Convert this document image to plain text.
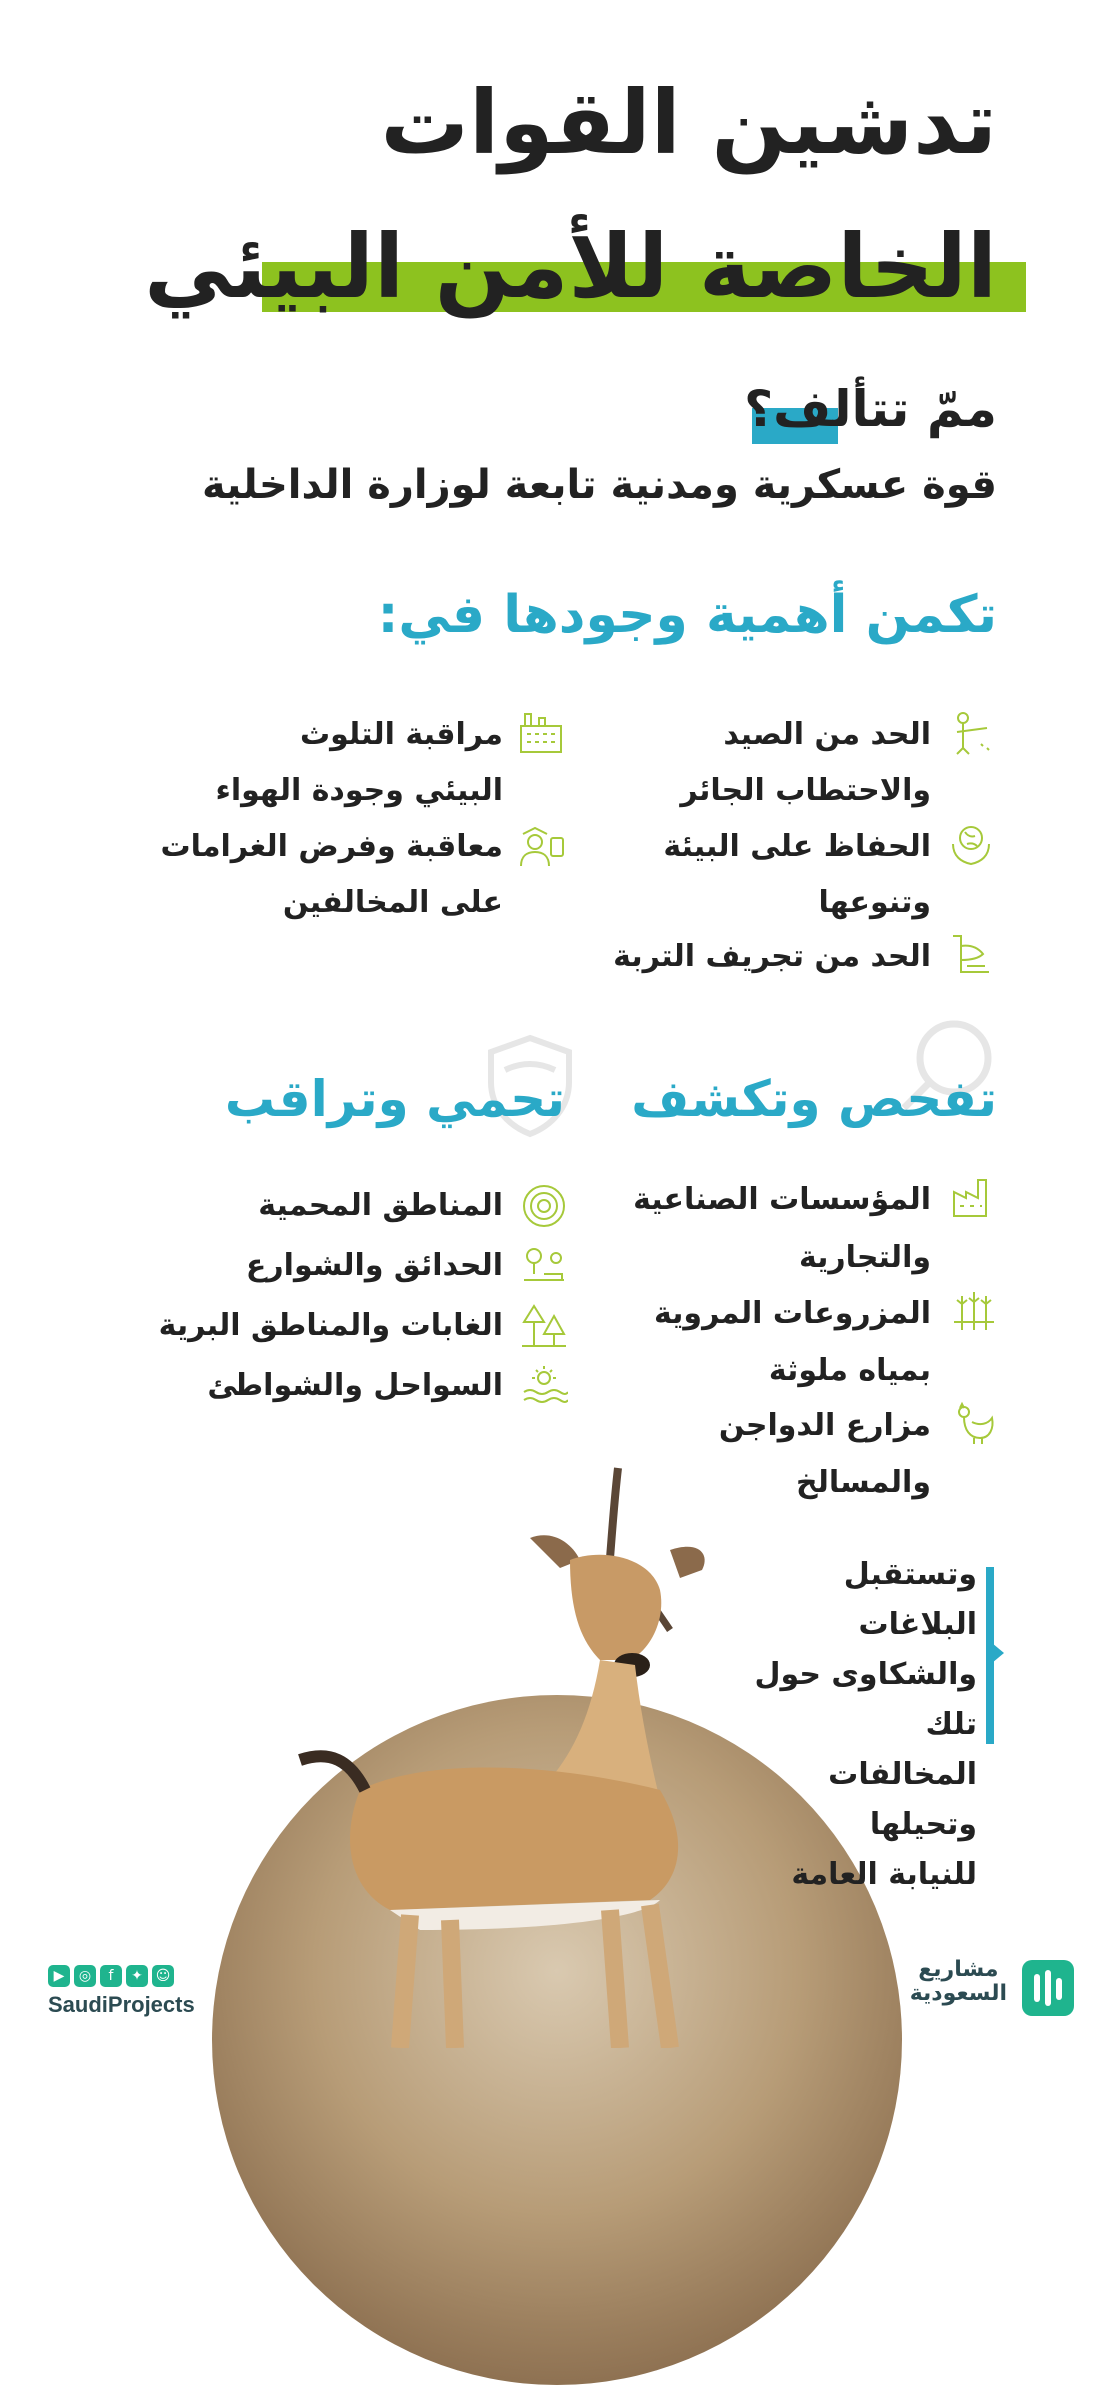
تدشين القوات
الخاصة للأمن البيئي
ممّ تتألف؟
قوة عسكرية ومدنية تابعة لوزارة الداخلية
تكمن أهمية وجودها في:
الحد من الصيد
والاحتطاب الجائر
الحفاظ على البيئة
وتنوعها
الحد من تجريف التربة
مراقبة التلوث
البيئي وجودة الهواء
معاقبة وفرض الغرامات
على المخالفين
تفحص وتكشف
المؤسسات الصناعية
والتجارية
المزروعات المروية
بمياه ملوثة
مزارع الدواجن
والمسالخ
تحمي وتراقب
المناطق المحمية
الحدائق والشوارع
الغابات والمناطق البرية
السواحل والشواطئ
وتستقبل البلاغات
والشكاوى حول تلك
المخالفات وتحيلها
للنيابة العامة
مشاريع
السعودية
▶ ◎ f ✦ ☺
SaudiProjects
